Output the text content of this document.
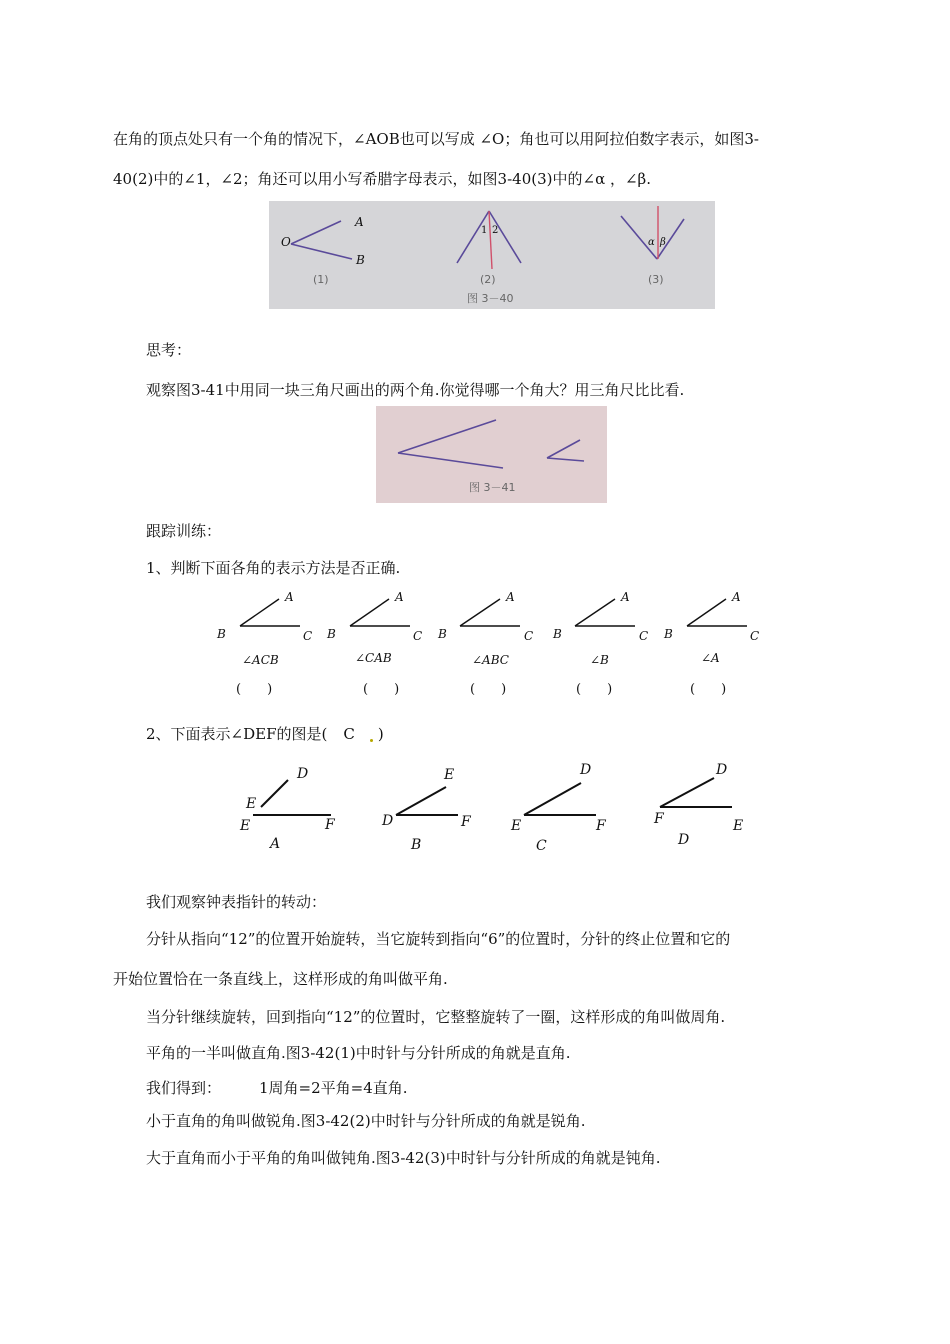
在角的顶点处只有一个角的情况下，∠AOB也可以写成 ∠O；角也可以用阿拉伯数字表示，如图3-
40(2)中的∠1，∠2；角还可以用小写希腊字母表示，如图3-40(3)中的∠α ，∠β.
O
A
B
1 2
α β
(1)	(2)	(3)
图 3－40
思考：
观察图3-41中用同一块三角尺画出的两个角.你觉得哪一个角大？用三角尺比比看.
图 3－41
跟踪训练：
1、判断下面各角的表示方法是否正确.
A
B	C
∠ACB
(　　)
A
B	C
∠CAB
(　　)
A
B	C
∠ABC
(　　)
A
B	C
∠B
(　　)
A
B	C
∠A
(　　)
2、下面表示∠DEF的图是( C )
D
E
E	F
A
E
D	F
B
D
E	F
C
D
F	E
D
我们观察钟表指针的转动：
分针从指向“12”的位置开始旋转，当它旋转到指向“6”的位置时，分针的终止位置和它的
开始位置恰在一条直线上，这样形成的角叫做平角.
当分针继续旋转，回到指向“12”的位置时，它整整旋转了一圈，这样形成的角叫做周角.
平角的一半叫做直角.图3-42(1)中时针与分针所成的角就是直角.
我们得到：	1周角=2平角=4直角.
小于直角的角叫做锐角.图3-42(2)中时针与分针所成的角就是锐角.
大于直角而小于平角的角叫做钝角.图3-42(3)中时针与分针所成的角就是钝角.
